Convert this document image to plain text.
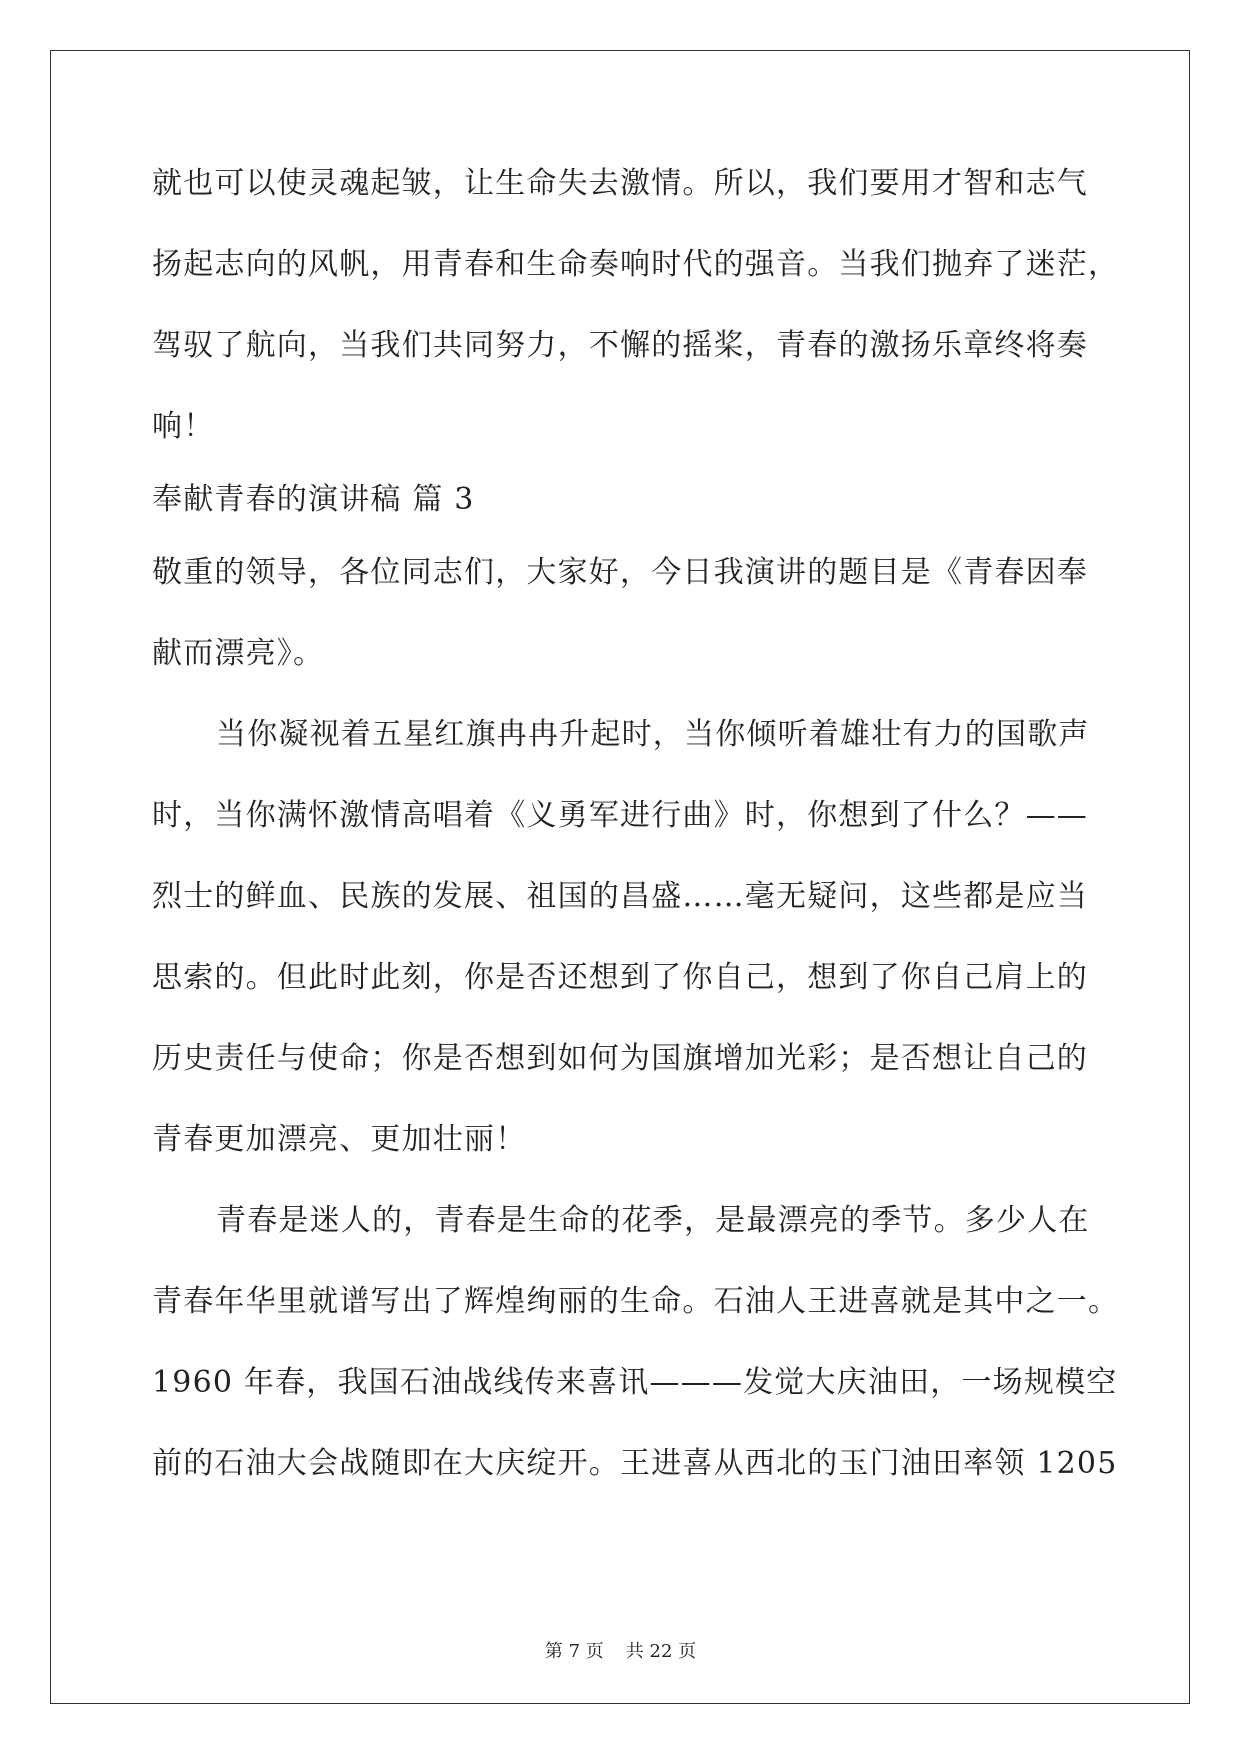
就也可以使灵魂起皱，让生命失去激情。所以，我们要用才智和志气
扬起志向的风帆，用青春和生命奏响时代的强音。当我们抛弃了迷茫，
驾驭了航向，当我们共同努力，不懈的摇桨，青春的激扬乐章终将奏
响！
奉献青春的演讲稿 篇 3
敬重的领导，各位同志们，大家好，今日我演讲的题目是《青春因奉
献而漂亮》。
当你凝视着五星红旗冉冉升起时，当你倾听着雄壮有力的国歌声
时，当你满怀激情高唱着《义勇军进行曲》时，你想到了什么？——
烈士的鲜血、民族的发展、祖国的昌盛……毫无疑问，这些都是应当
思索的。但此时此刻，你是否还想到了你自己，想到了你自己肩上的
历史责任与使命；你是否想到如何为国旗增加光彩；是否想让自己的
青春更加漂亮、更加壮丽！
青春是迷人的，青春是生命的花季，是最漂亮的季节。多少人在
青春年华里就谱写出了辉煌绚丽的生命。石油人王进喜就是其中之一。
1960 年春，我国石油战线传来喜讯———发觉大庆油田，一场规模空
前的石油大会战随即在大庆绽开。王进喜从西北的玉门油田率领 1205
第 7 页 共 22 页
